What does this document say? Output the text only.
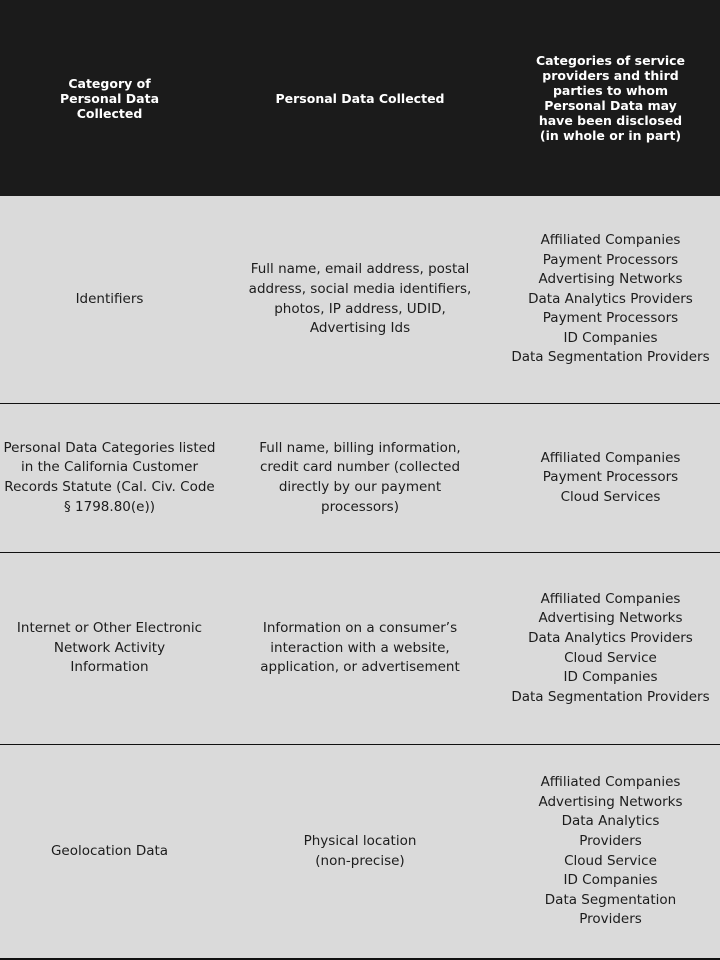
Category of Personal Data Collected
Personal Data Collected
Categories of service providers and third parties to whom Personal Data may have been disclosed (in whole or in part)
Identifiers
Full name, email address, postal address, social media identifiers, photos, IP address, UDID, Advertising Ids
Affiliated Companies
Payment Processors
Advertising Networks
Data Analytics Providers
Payment Processors
ID Companies
Data Segmentation Providers
Personal Data Categories listed in the California Customer Records Statute (Cal. Civ. Code § 1798.80(e))
Full name, billing information, credit card number (collected directly by our payment processors)
Affiliated Companies
Payment Processors
Cloud Services
Internet or Other Electronic Network Activity Information
Information on a consumer’s interaction with a website, application, or advertisement
Affiliated Companies
Advertising Networks
Data Analytics Providers
Cloud Service
ID Companies
Data Segmentation Providers
Geolocation Data
Physical location (non-precise)
Affiliated Companies
Advertising Networks
Data Analytics Providers
Cloud Service
ID Companies
Data Segmentation Providers
